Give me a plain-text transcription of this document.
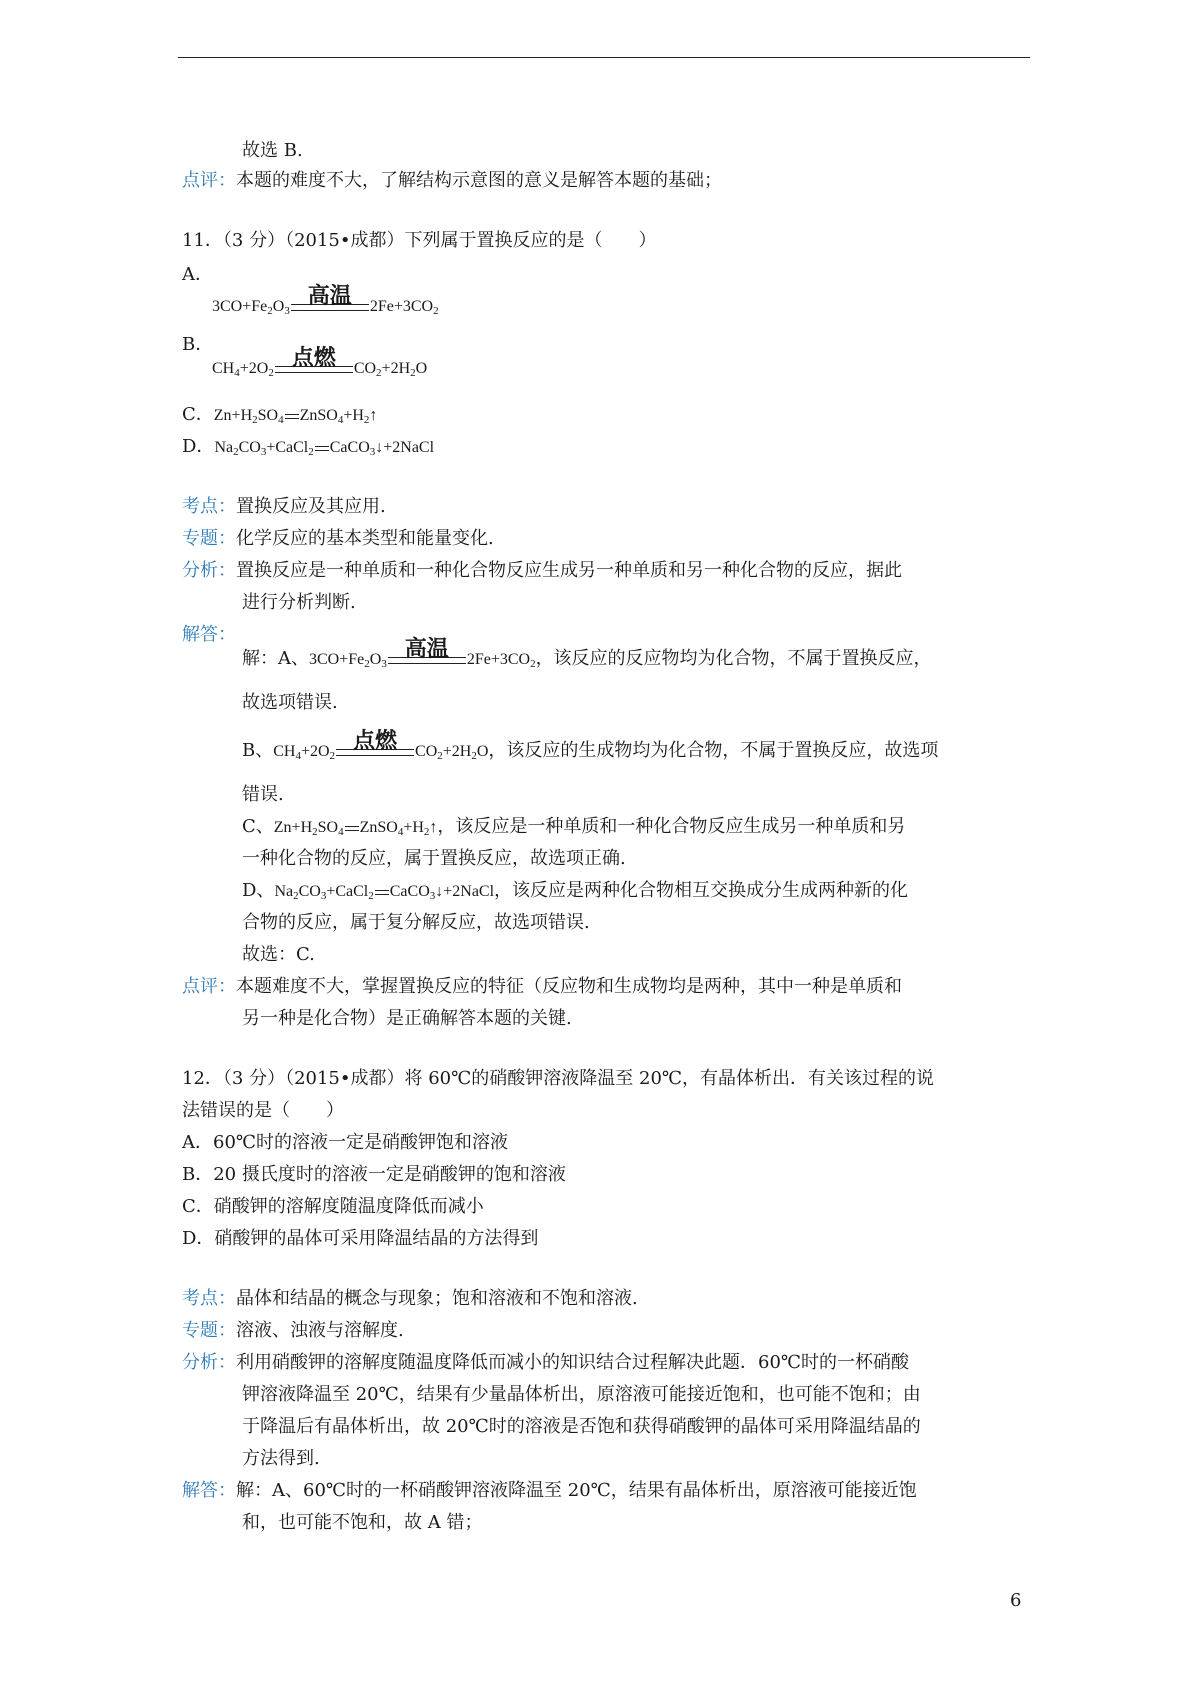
故选 B.
点评：本题的难度不大，了解结构示意图的意义是解答本题的基础；
11．（3 分）（2015•成都）下列属于置换反应的是（　　）
A．
$3CO+Fe_2O_3$
高温	$2Fe+3CO_2$
B．
$CH_4+2O_2$
点燃	$CO_2+2H_2O$
C．$Zn+H_2SO_4$ $ZnSO_4+H_2↑$
D．$Na_2CO_3+CaCl_2$ CaCO$_3$↓+2NaCl
考点：置换反应及其应用.
专题：化学反应的基本类型和能量变化.
分析：置换反应是一种单质和一种化合物反应生成另一种单质和另一种化合物的反应，据此
进行分析判断.
解答：
解：A、$3CO+Fe_2O_3$
高温	$2Fe+3CO_2$，该反应的反应物均为化合物，不属于置换反应，
故选项错误.
B、$CH_4+2O_2$
点燃	$CO_2+2H_2O$，该反应的生成物均为化合物，不属于置换反应，故选项
错误.
C、$Zn+H_2SO_4$ $ZnSO_4+H_2↑$，该反应是一种单质和一种化合物反应生成另一种单质和另
一种化合物的反应，属于置换反应，故选项正确.
D、$Na_2CO_3+CaCl_2$ CaCO$_3$↓+2NaCl，该反应是两种化合物相互交换成分生成两种新的化
合物的反应，属于复分解反应，故选项错误.
故选：C.
点评：本题难度不大，掌握置换反应的特征（反应物和生成物均是两种，其中一种是单质和
另一种是化合物）是正确解答本题的关键.
12．（3 分）（2015•成都）将 60℃的硝酸钾溶液降温至 20℃，有晶体析出．有关该过程的说
法错误的是（　　）
A．60℃时的溶液一定是硝酸钾饱和溶液
B．20 摄氏度时的溶液一定是硝酸钾的饱和溶液
C．硝酸钾的溶解度随温度降低而减小
D．硝酸钾的晶体可采用降温结晶的方法得到
考点：晶体和结晶的概念与现象；饱和溶液和不饱和溶液.
专题：溶液、浊液与溶解度.
分析：利用硝酸钾的溶解度随温度降低而减小的知识结合过程解决此题．60℃时的一杯硝酸
钾溶液降温至 20℃，结果有少量晶体析出，原溶液可能接近饱和，也可能不饱和；由
于降温后有晶体析出，故 20℃时的溶液是否饱和获得硝酸钾的晶体可采用降温结晶的
方法得到.
解答：解：A、60℃时的一杯硝酸钾溶液降温至 20℃，结果有晶体析出，原溶液可能接近饱
和，也可能不饱和，故 A 错；
6
